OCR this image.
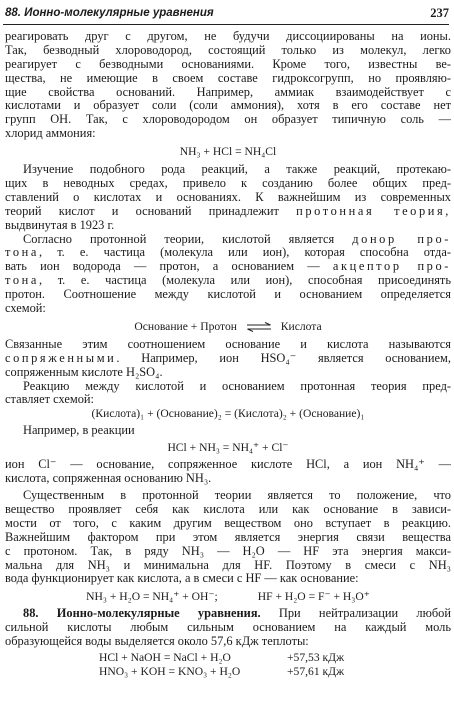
88. Ионно-молекулярные уравнения	237
реагировать друг с другом, не будучи диссоциированы на ионы.
Так, безводный хлороводород, состоящий только из молекул, легко
реагирует с безводными основаниями. Кроме того, известны ве-
щества, не имеющие в своем составе гидроксогрупп, но проявляю-
щие свойства оснований. Например, аммиак взаимодействует с
кислотами и образует соли (соли аммония), хотя в его составе нет
групп ОН. Так, с хлороводородом он образует типичную соль —
хлорид аммония:
NH₃ + HCl = NH₄Cl
Изучение подобного рода реакций, а также реакций, протекаю-
щих в неводных средах, привело к созданию более общих пред-
ставлений о кислотах и основаниях. К важнейшим из современных
теорий кислот и оснований принадлежит протонная теория,
выдвинутая в 1923 г.
Согласно протонной теории, кислотой является донор про-
тона, т. е. частица (молекула или ион), которая способна отда-
вать ион водорода — протон, а основанием — акцептор про-
тона, т. е. частица (молекула или ион), способная присоединять
протон. Соотношение между кислотой и основанием определяется
схемой:
Основание + Протон ⇌ Кислота
Связанные этим соотношением основание и кислота называются
сопряженными. Например, ион HSO₄⁻ является основанием,
сопряженным кислоте H₂SO₄.
Реакцию между кислотой и основанием протонная теория пред-
ставляет схемой:
(Кислота)₁ + (Основание)₂ = (Кислота)₂ + (Основание)₁
Например, в реакции
HCl + NH₃ = NH₄⁺ + Cl⁻
ион Cl⁻ — основание, сопряженное кислоте HCl, а ион NH₄⁺ —
кислота, сопряженная основанию NH₃.
Существенным в протонной теории является то положение, что
вещество проявляет себя как кислота или как основание в зависи-
мости от того, с каким другим веществом оно вступает в реакцию.
Важнейшим фактором при этом является энергия связи вещества
с протоном. Так, в ряду NH₃ — H₂O — HF эта энергия макси-
мальна для NH₃ и минимальна для HF. Поэтому в смеси с NH₃
вода функционирует как кислота, а в смеси с HF — как основание:
NH₃ + H₂O = NH₄⁺ + OH⁻;	HF + H₂O = F⁻ + H₃O⁺
88. Ионно-молекулярные уравнения. При нейтрализации любой
сильной кислоты любым сильным основанием на каждый моль
образующейся воды выделяется около 57,6 кДж теплоты:
HCl + NaOH = NaCl + H₂O	+57,53 кДж
HNO₃ + KOH = KNO₃ + H₂O	+57,61 кДж
